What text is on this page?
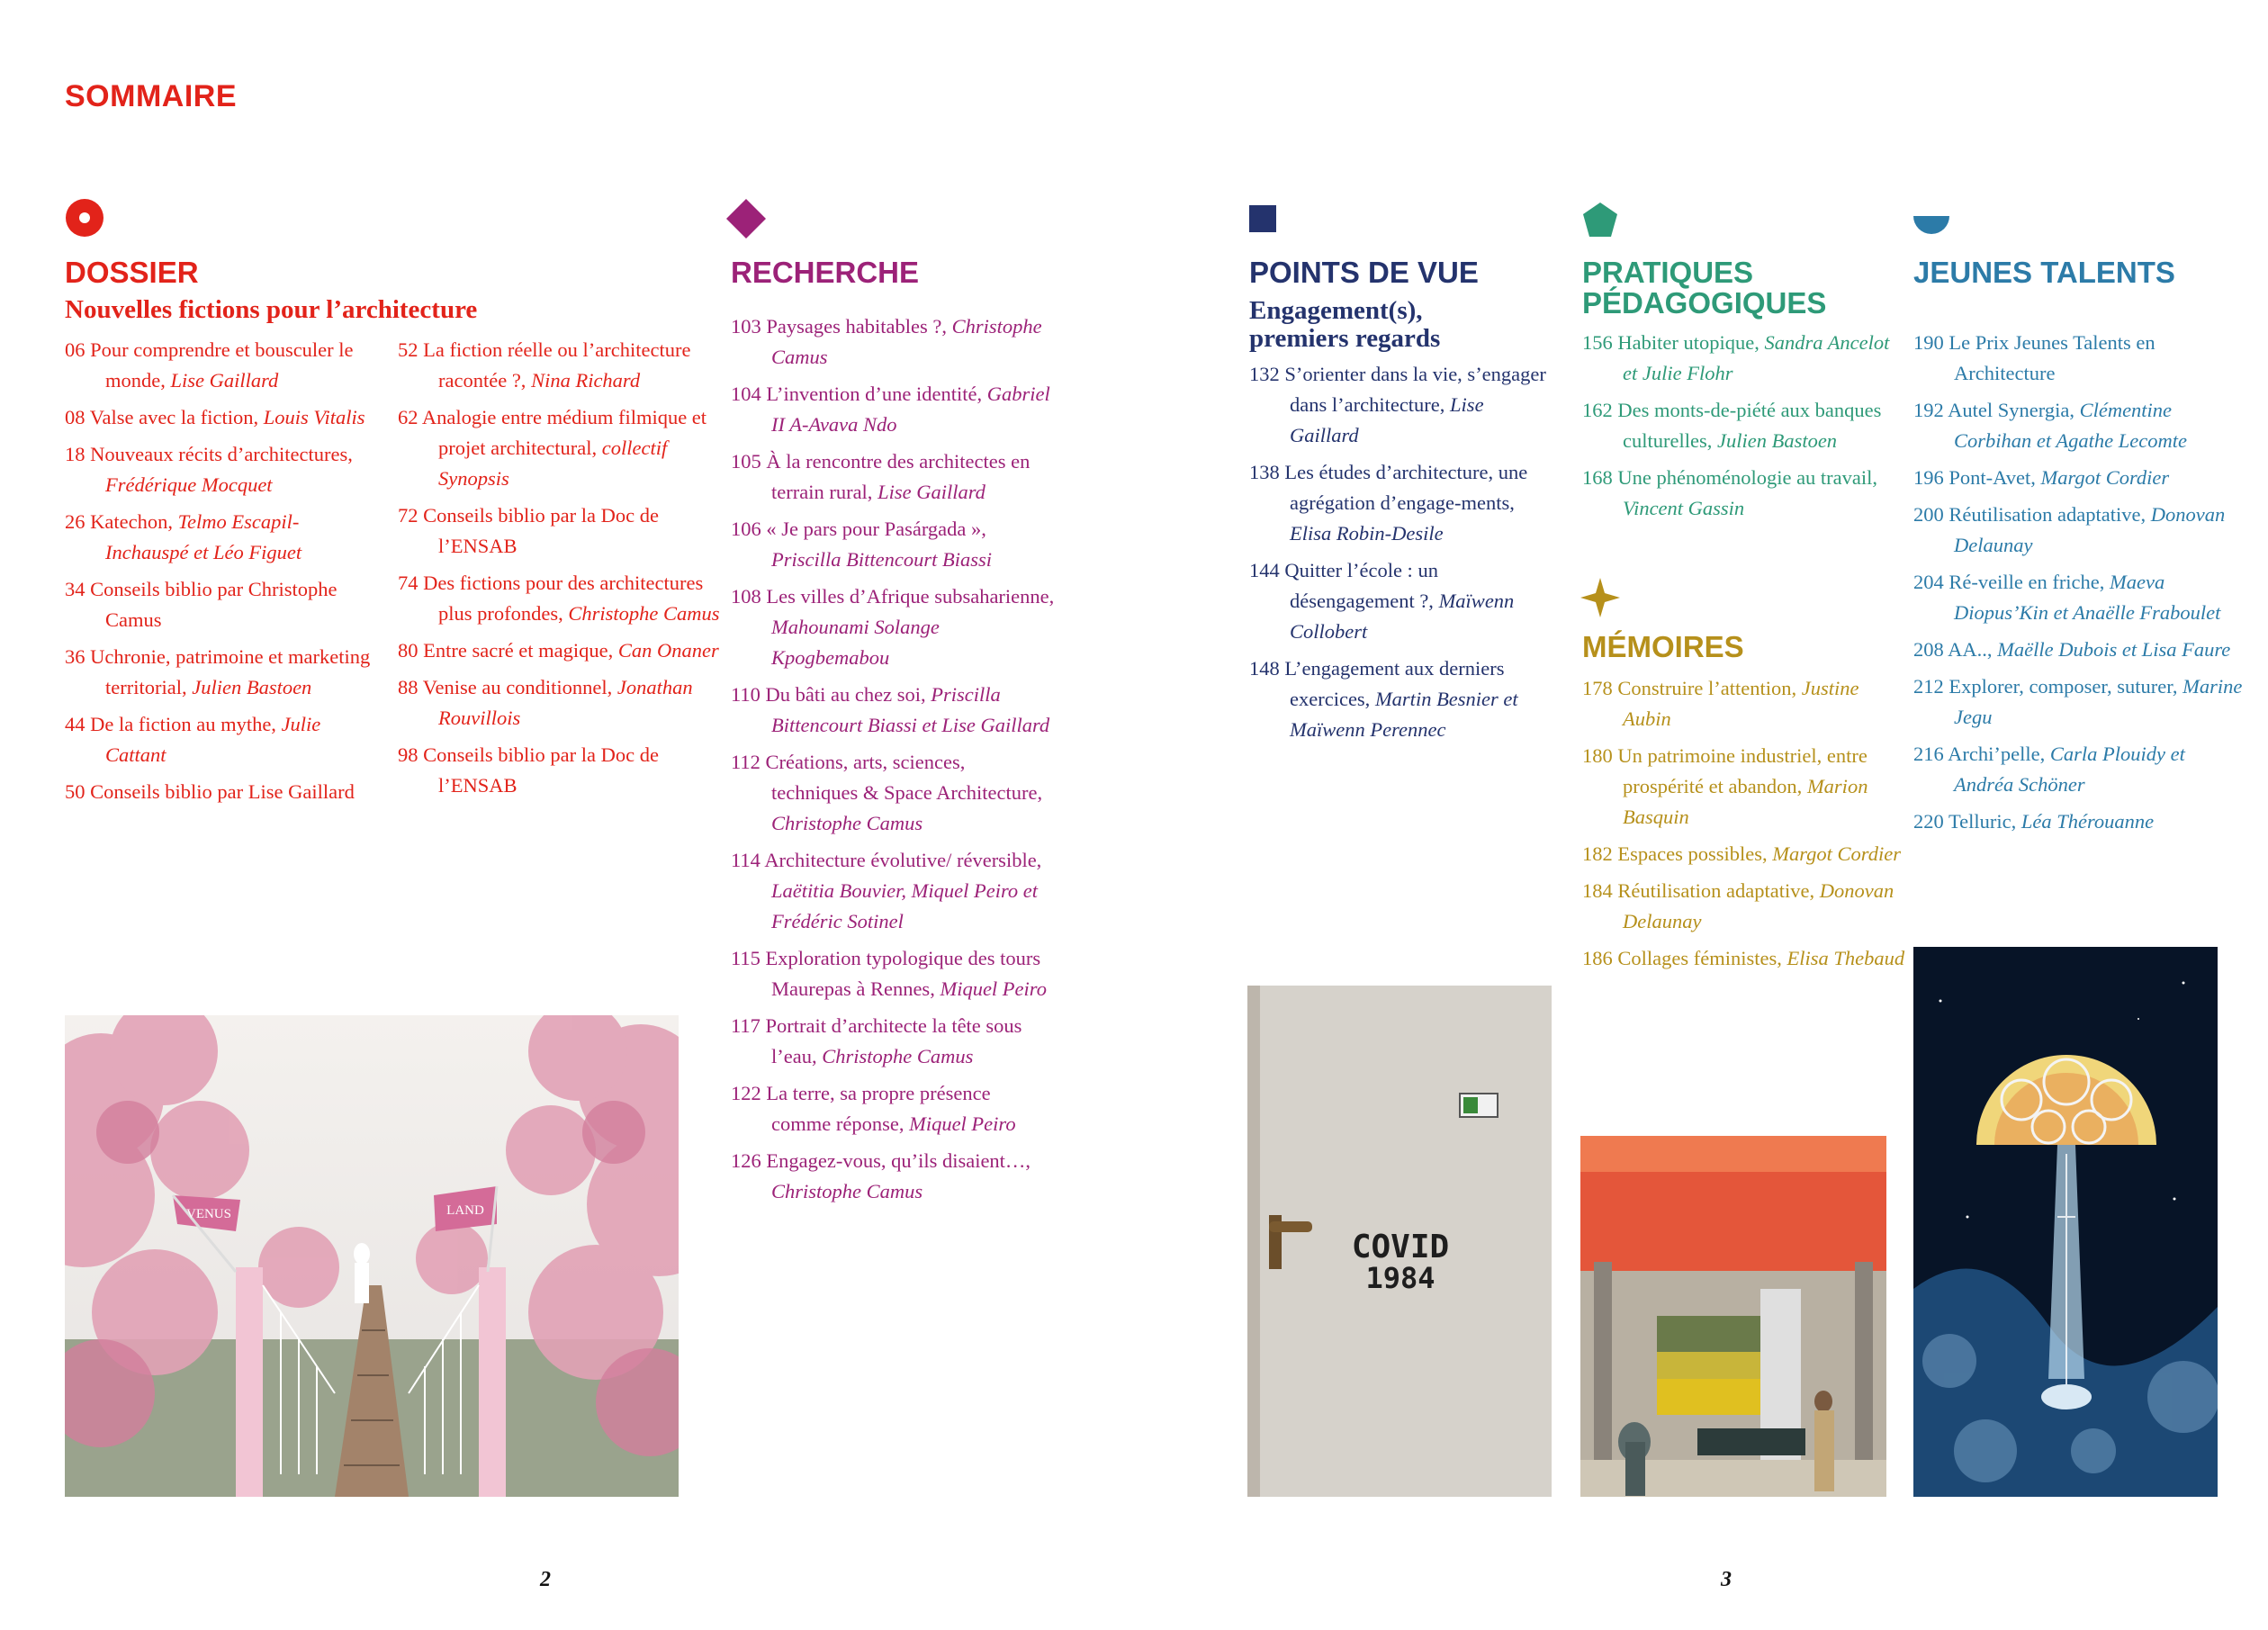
SOMMAIRE
DOSSIER
Nouvelles fictions pour l’architecture
06 Pour comprendre et bousculer le monde, Lise Gaillard
08 Valse avec la fiction, Louis Vitalis
18 Nouveaux récits d’architectures, Frédérique Mocquet
26 Katechon, Telmo Escapil-Inchauspé et Léo Figuet
34 Conseils biblio par Christophe Camus
36 Uchronie, patrimoine et marketing territorial, Julien Bastoen
44 De la fiction au mythe, Julie Cattant
50 Conseils biblio par Lise Gaillard
52 La fiction réelle ou l’architecture racontée ?, Nina Richard
62 Analogie entre médium filmique et projet architectural, collectif Synopsis
72 Conseils biblio par la Doc de l’ENSAB
74 Des fictions pour des architectures plus profondes, Christophe Camus
80 Entre sacré et magique, Can Onaner
88 Venise au conditionnel, Jonathan Rouvillois
98 Conseils biblio par la Doc de l’ENSAB
VENUS	LAND
RECHERCHE
103 Paysages habitables ?, Christophe Camus
104 L’invention d’une identité, Gabriel II A-Avava Ndo
105 À la rencontre des architectes en terrain rural, Lise Gaillard
106 « Je pars pour Pasárgada », Priscilla Bittencourt Biassi
108 Les villes d’Afrique subsaharienne, Mahounami Solange Kpogbemabou
110 Du bâti au chez soi, Priscilla Bittencourt Biassi et Lise Gaillard
112 Créations, arts, sciences, techniques & Space Architecture, Christophe Camus
114 Architecture évolutive/ réversible, Laëtitia Bouvier, Miquel Peiro et Frédéric Sotinel
115 Exploration typologique des tours Maurepas à Rennes, Miquel Peiro
117 Portrait d’architecte la tête sous l’eau, Christophe Camus
122 La terre, sa propre présence comme réponse, Miquel Peiro
126 Engagez-vous, qu’ils disaient…, Christophe Camus
POINTS DE VUE
Engagement(s),
premiers regards
132 S’orienter dans la vie, s’engager dans l’architecture, Lise Gaillard
138 Les études d’architecture, une agrégation d’engage-ments, Elisa Robin-Desile
144 Quitter l’école : un désengagement ?, Maïwenn Collobert
148 L’engagement aux derniers exercices, Martin Besnier et Maïwenn Perennec
COVID
1984
PRATIQUES
PÉDAGOGIQUES
156 Habiter utopique, Sandra Ancelot et Julie Flohr
162 Des monts-de-piété aux banques culturelles, Julien Bastoen
168 Une phénoménologie au travail, Vincent Gassin
MÉMOIRES
178 Construire l’attention, Justine Aubin
180 Un patrimoine industriel, entre prospérité et abandon, Marion Basquin
182 Espaces possibles, Margot Cordier
184 Réutilisation adaptative, Donovan Delaunay
186 Collages féministes, Elisa Thebaud
JEUNES TALENTS
190 Le Prix Jeunes Talents en Architecture
192 Autel Synergia, Clémentine Corbihan et Agathe Lecomte
196 Pont-Avet, Margot Cordier
200 Réutilisation adaptative, Donovan Delaunay
204 Ré-veille en friche, Maeva Diopus’Kin et Anaëlle Fraboulet
208 AA.., Maëlle Dubois et Lisa Faure
212 Explorer, composer, suturer, Marine Jegu
216 Archi’pelle, Carla Plouidy et Andréa Schöner
220 Telluric, Léa Thérouanne
2	3
